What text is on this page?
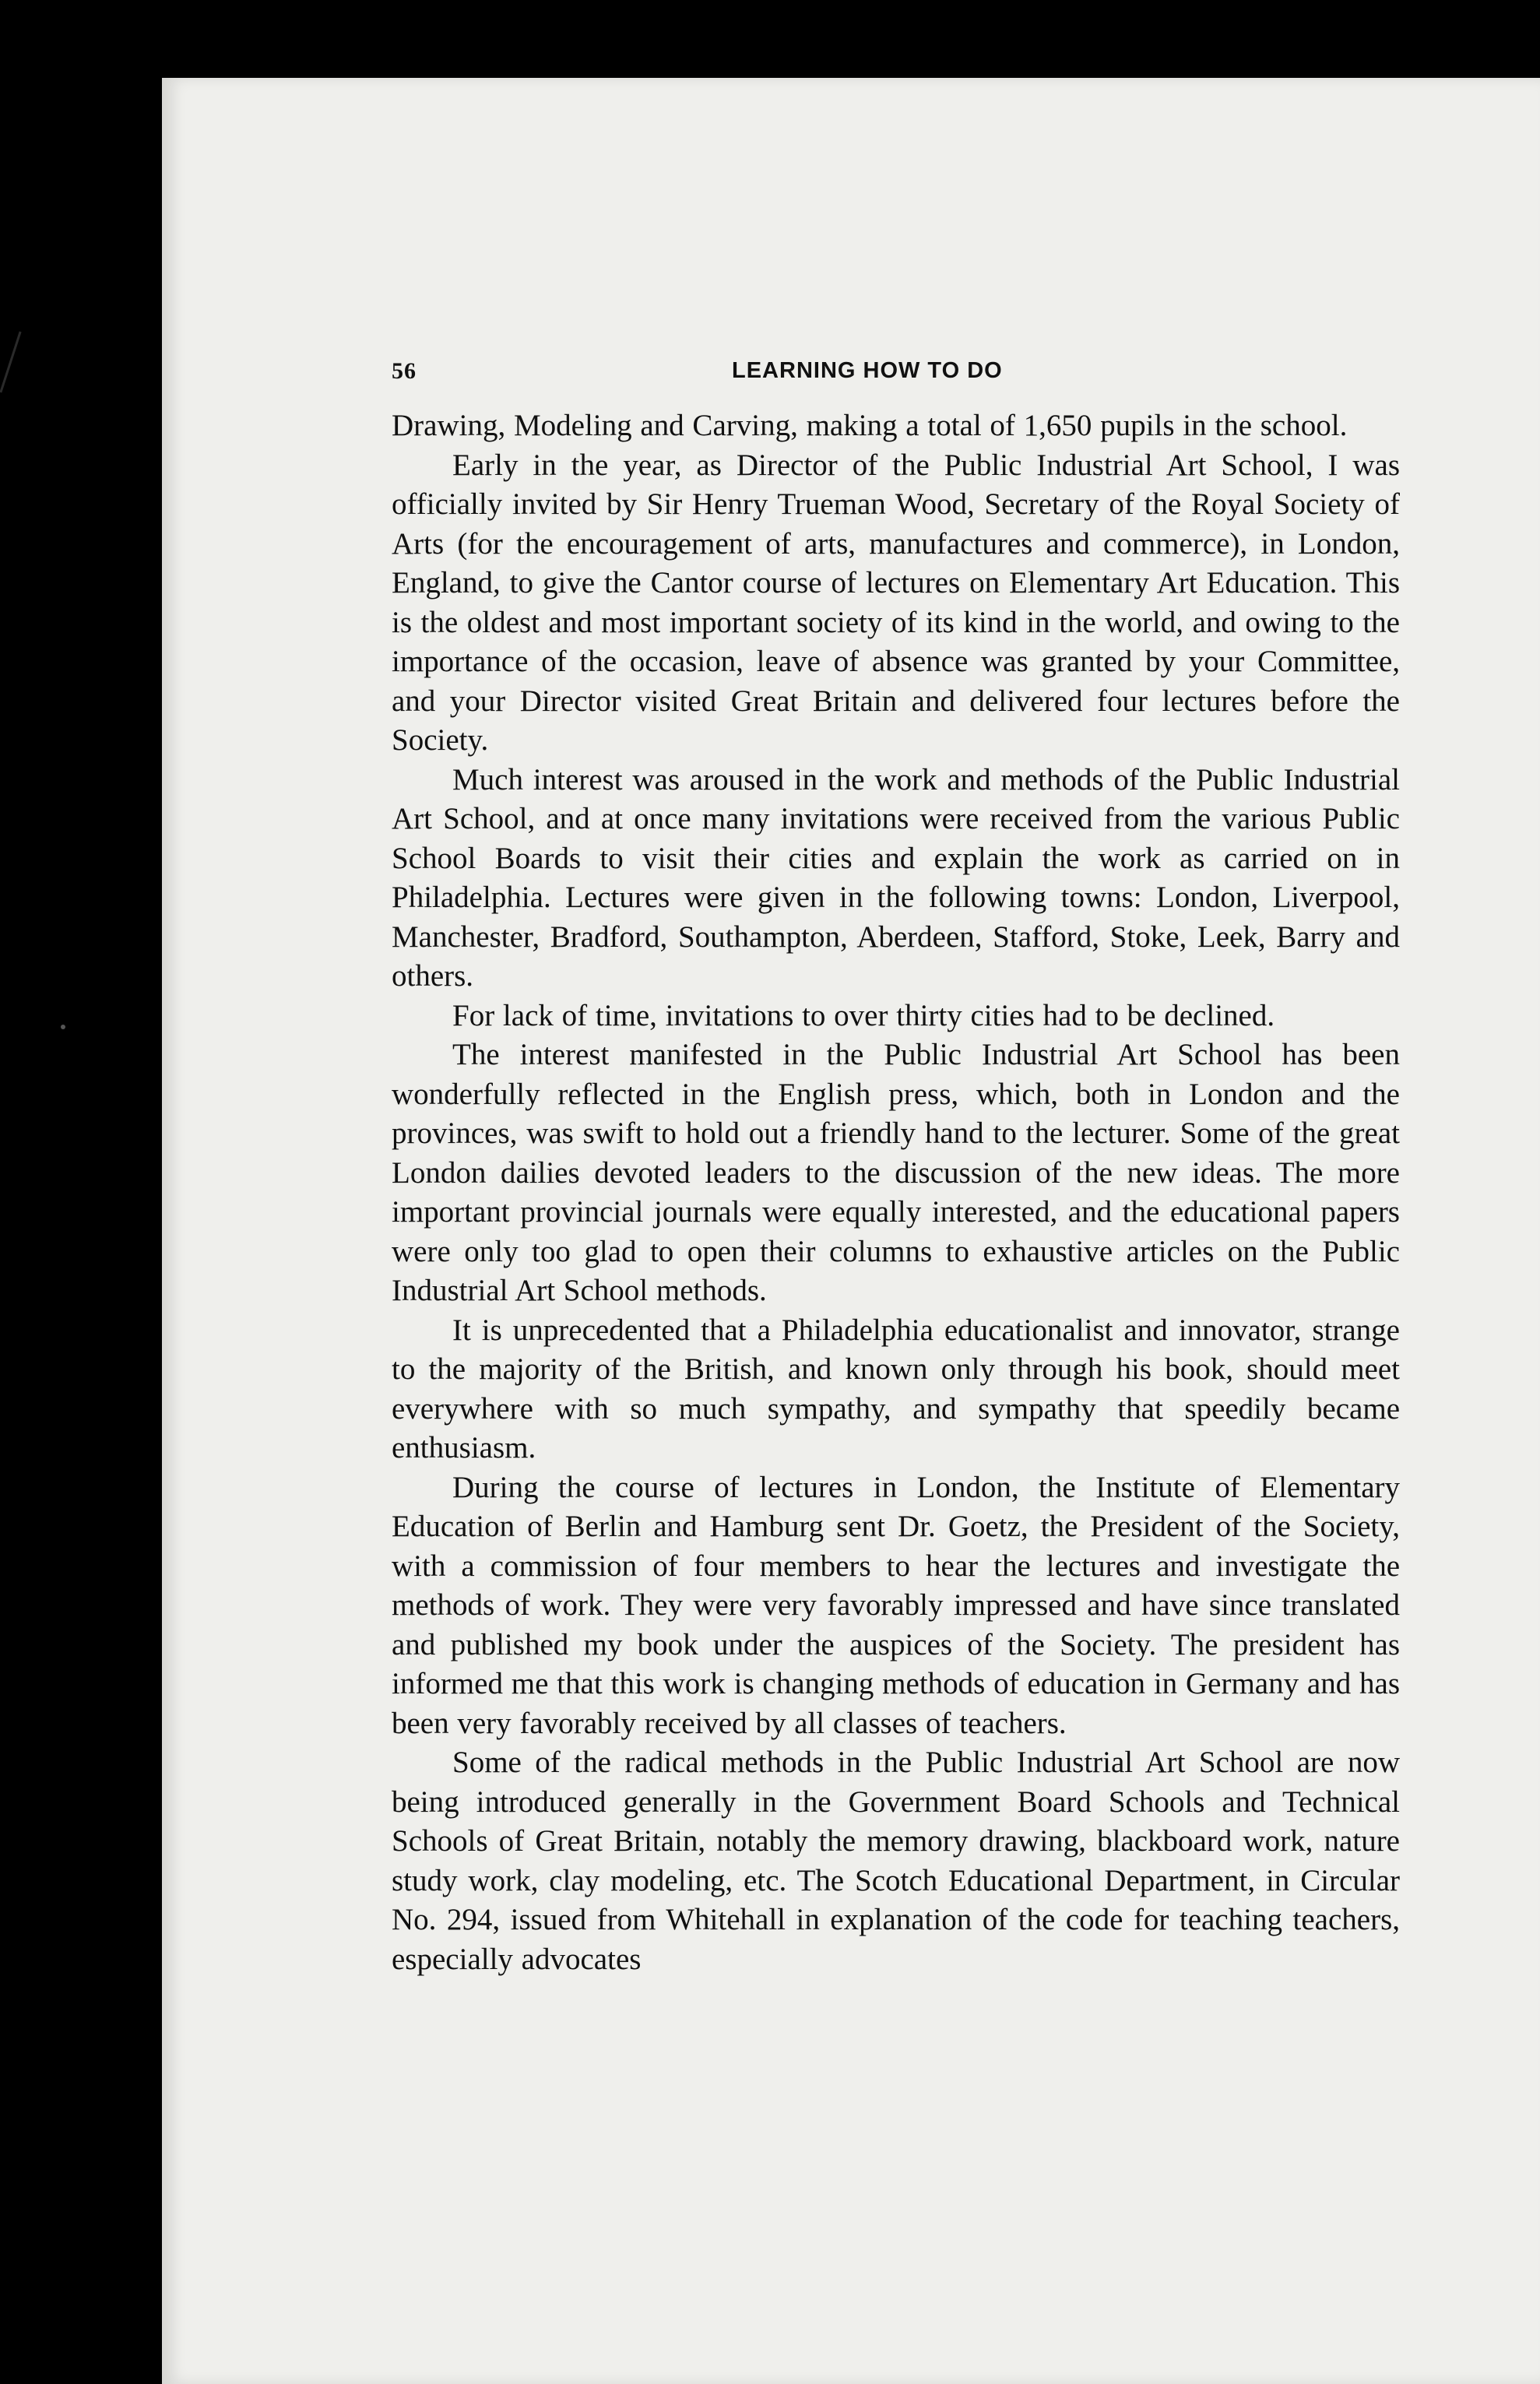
56	LEARNING HOW TO DO

Drawing, Modeling and Carving, making a total of 1,650 pupils in the school.

Early in the year, as Director of the Public Industrial Art School, I was officially invited by Sir Henry Trueman Wood, Secretary of the Royal Society of Arts (for the encouragement of arts, manufactures and commerce), in London, England, to give the Cantor course of lectures on Elementary Art Education. This is the oldest and most important society of its kind in the world, and owing to the importance of the occasion, leave of absence was granted by your Committee, and your Director visited Great Britain and delivered four lectures before the Society.

Much interest was aroused in the work and methods of the Public Industrial Art School, and at once many invitations were received from the various Public School Boards to visit their cities and explain the work as carried on in Philadelphia. Lectures were given in the following towns: London, Liverpool, Manchester, Bradford, Southampton, Aberdeen, Stafford, Stoke, Leek, Barry and others.

For lack of time, invitations to over thirty cities had to be declined.

The interest manifested in the Public Industrial Art School has been wonderfully reflected in the English press, which, both in London and the provinces, was swift to hold out a friendly hand to the lecturer. Some of the great London dailies devoted leaders to the discussion of the new ideas. The more important provincial journals were equally interested, and the educational papers were only too glad to open their columns to exhaustive articles on the Public Industrial Art School methods.

It is unprecedented that a Philadelphia educationalist and innovator, strange to the majority of the British, and known only through his book, should meet everywhere with so much sympathy, and sympathy that speedily became enthusiasm.

During the course of lectures in London, the Institute of Elementary Education of Berlin and Hamburg sent Dr. Goetz, the President of the Society, with a commission of four members to hear the lectures and investigate the methods of work. They were very favorably impressed and have since translated and published my book under the auspices of the Society. The president has informed me that this work is changing methods of education in Germany and has been very favorably received by all classes of teachers.

Some of the radical methods in the Public Industrial Art School are now being introduced generally in the Government Board Schools and Technical Schools of Great Britain, notably the memory drawing, blackboard work, nature study work, clay modeling, etc. The Scotch Educational Department, in Circular No. 294, issued from Whitehall in explanation of the code for teaching teachers, especially advocates
